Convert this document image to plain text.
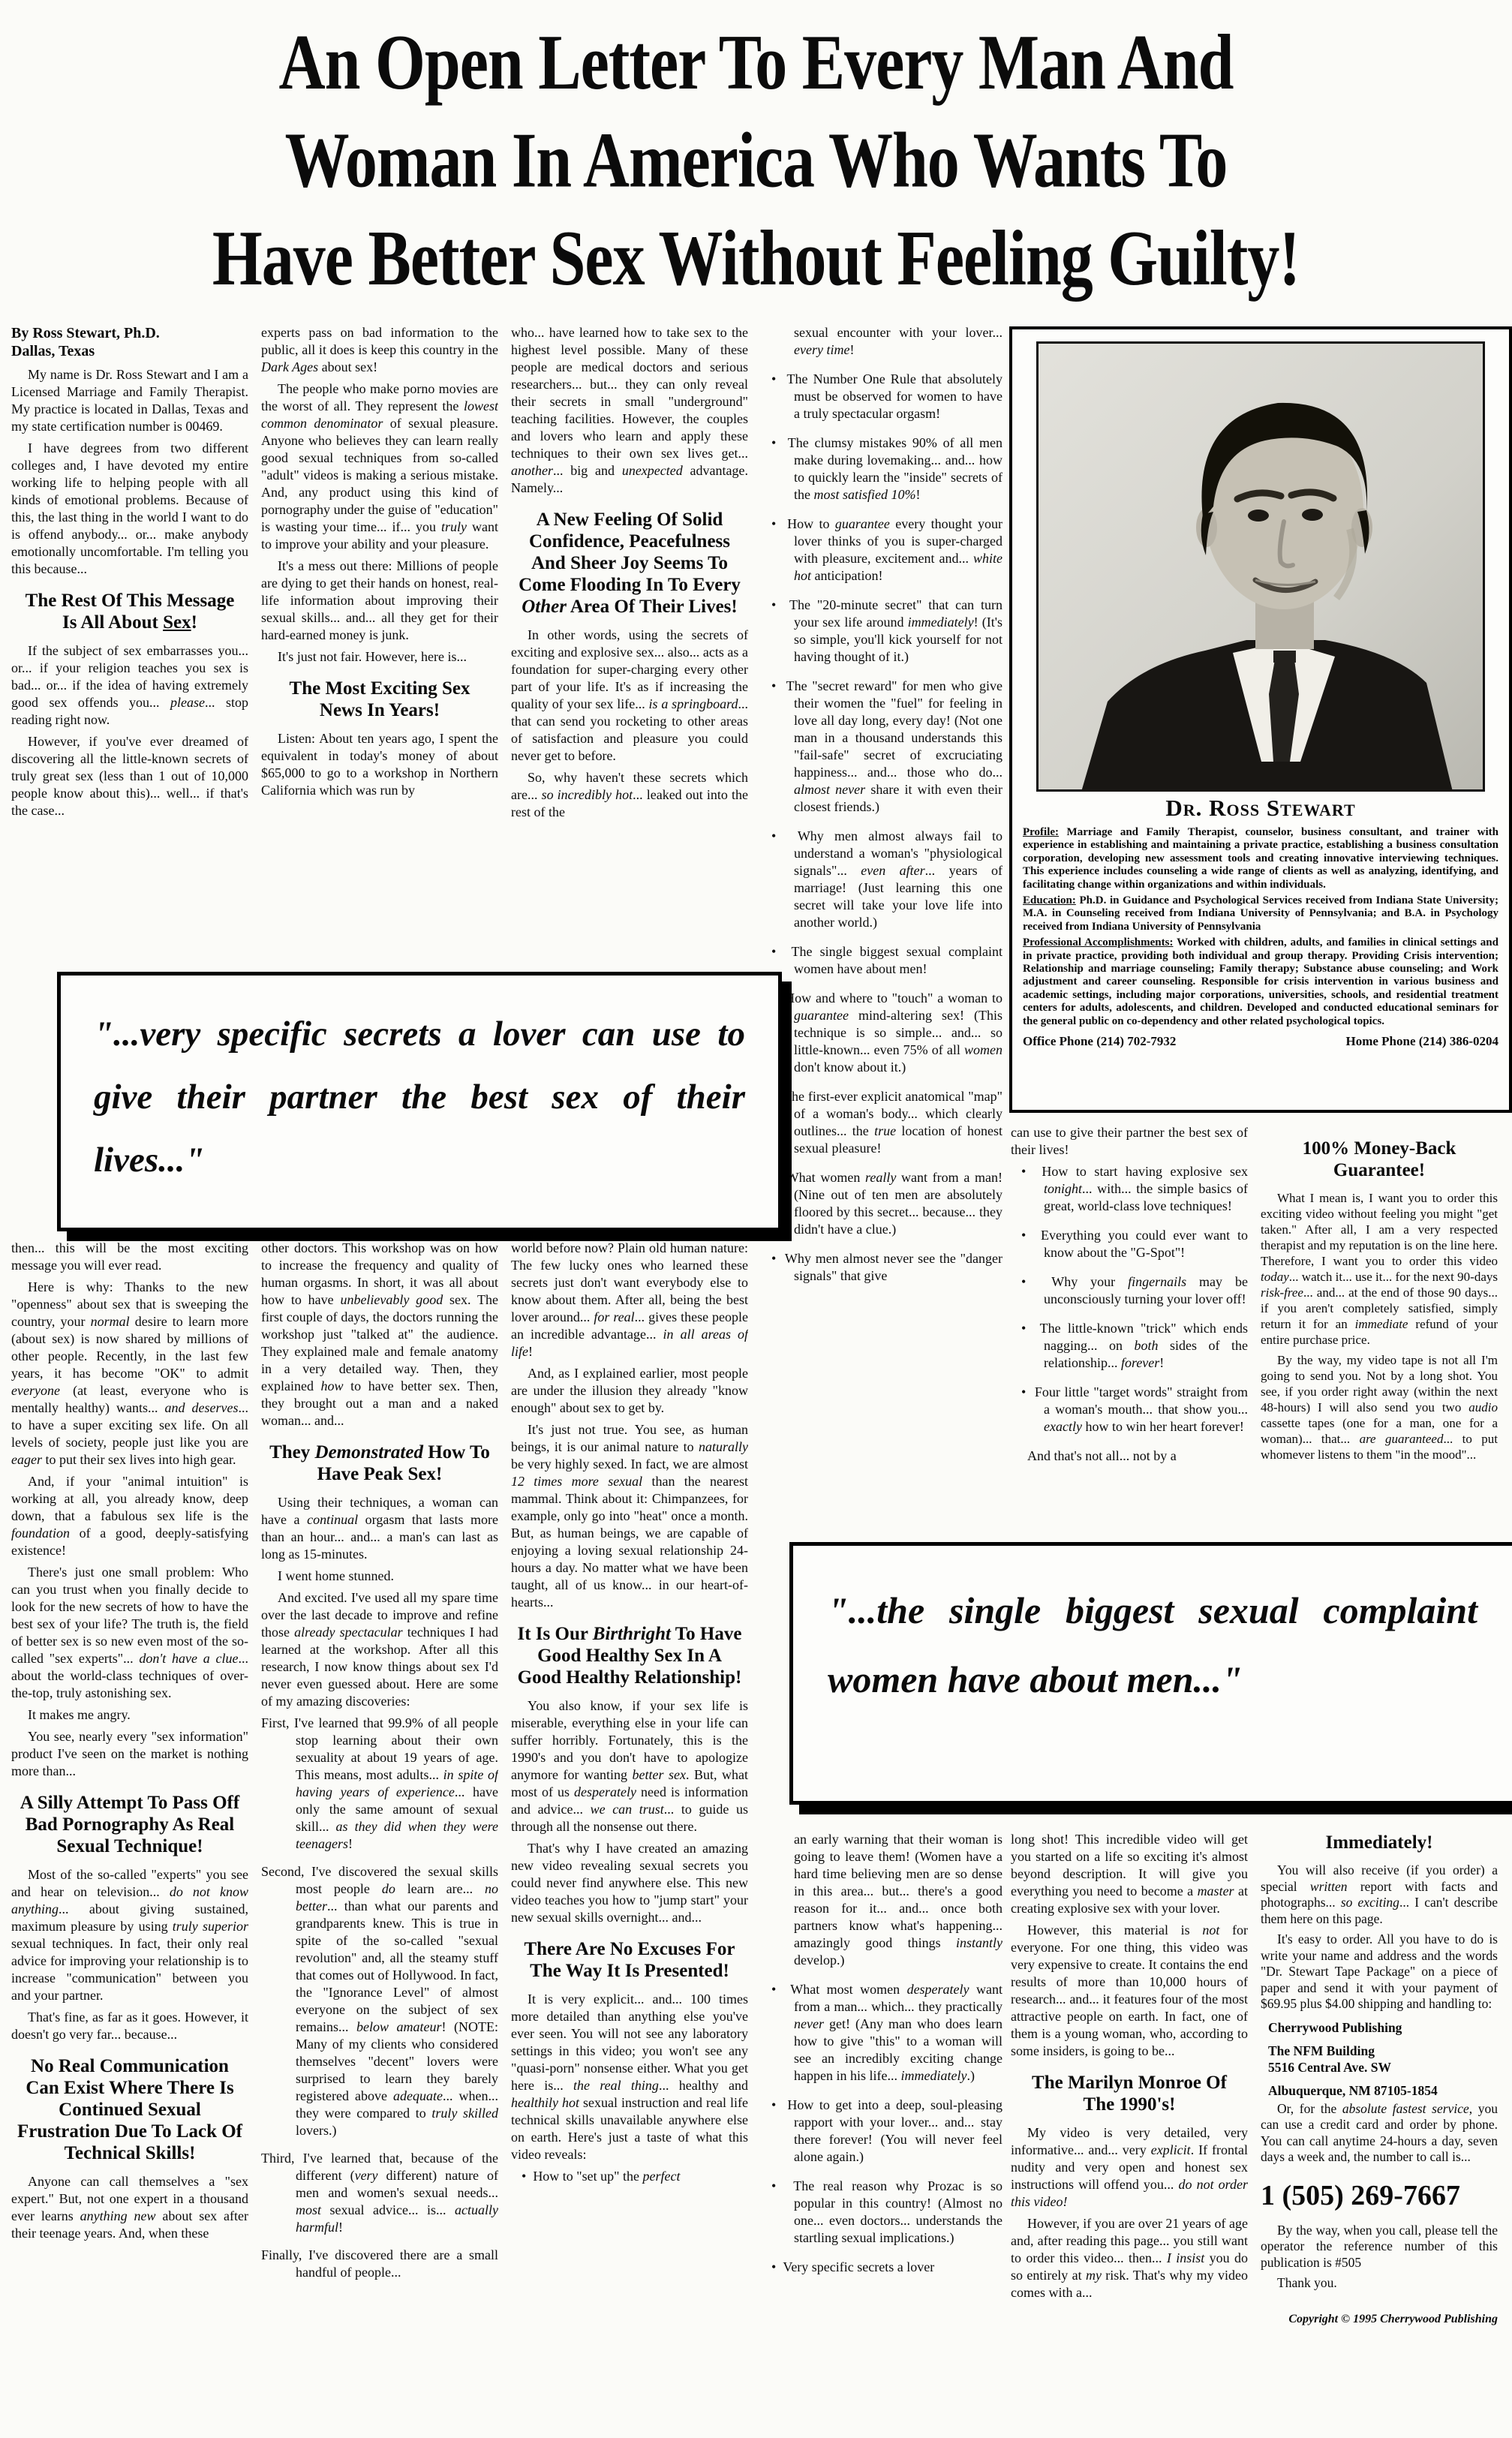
An Open Letter To Every Man And
Woman In America Who Wants To
Have Better Sex Without Feeling Guilty!
By Ross Stewart, Ph.D.
Dallas, Texas
My name is Dr. Ross Stewart and I am a Licensed Marriage and Family Therapist. My practice is located in Dallas, Texas and my state certification number is 00469.
I have degrees from two different colleges and, I have devoted my entire working life to helping people with all kinds of emotional problems. Because of this, the last thing in the world I want to do is offend anybody... or... make anybody emotionally uncomfortable. I'm telling you this because...
The Rest Of This Message Is All About Sex!
If the subject of sex embarrasses you... or... if your religion teaches you sex is bad... or... if the idea of having extremely good sex offends you... please... stop reading right now.
However, if you've ever dreamed of discovering all the little-known secrets of truly great sex (less than 1 out of 10,000 people know about this)... well... if that's the case...
experts pass on bad information to the public, all it does is keep this country in the Dark Ages about sex!
The people who make porno movies are the worst of all. They represent the lowest common denominator of sexual pleasure. Anyone who believes they can learn really good sexual techniques from so-called "adult" videos is making a serious mistake. And, any product using this kind of pornography under the guise of "education" is wasting your time... if... you truly want to improve your ability and your pleasure.
It's a mess out there: Millions of people are dying to get their hands on honest, real-life information about improving their sexual skills... and... all they get for their hard-earned money is junk.
It's just not fair. However, here is...
The Most Exciting Sex News In Years!
Listen: About ten years ago, I spent the equivalent in today's money of about $65,000 to go to a workshop in Northern California which was run by
who... have learned how to take sex to the highest level possible. Many of these people are medical doctors and serious researchers... but... they can only reveal their secrets in small "underground" teaching facilities. However, the couples and lovers who learn and apply these techniques to their own sex lives get... another... big and unexpected advantage. Namely...
A New Feeling Of Solid Confidence, Peacefulness And Sheer Joy Seems To Come Flooding In To Every Other Area Of Their Lives!
In other words, using the secrets of exciting and explosive sex... also... acts as a foundation for super-charging every other part of your life. It's as if increasing the quality of your sex life... is a springboard... that can send you rocketing to other areas of satisfaction and pleasure you could never get to before.
So, why haven't these secrets which are... so incredibly hot... leaked out into the rest of the
sexual encounter with your lover... every time!
•  The Number One Rule that absolutely must be observed for women to have a truly spectacular orgasm!
•  The clumsy mistakes 90% of all men make during lovemaking... and... how to quickly learn the "inside" secrets of the most satisfied 10%!
•  How to guarantee every thought your lover thinks of you is super-charged with pleasure, excitement and... white hot anticipation!
•  The "20-minute secret" that can turn your sex life around immediately! (It's so simple, you'll kick yourself for not having thought of it.)
•  The "secret reward" for men who give their women the "fuel" for feeling in love all day long, every day! (Not one man in a thousand understands this "fail-safe" secret of excruciating happiness... and... those who do... almost never share it with even their closest friends.)
•  Why men almost always fail to understand a woman's "physiological signals"... even after... years of marriage! (Just learning this one secret will take your love life into another world.)
•  The single biggest sexual complaint women have about men!
•  How and where to "touch" a woman to guarantee mind-altering sex! (This technique is so simple... and... so little-known... even 75% of all women don't know about it.)
•  The first-ever explicit anatomical "map" of a woman's body... which clearly outlines... the true location of honest sexual pleasure!
•  What women really want from a man! (Nine out of ten men are absolutely floored by this secret... because... they didn't have a clue.)
•  Why men almost never see the "danger signals" that give
can use to give their partner the best sex of their lives!
•  How to start having explosive sex tonight... with... the simple basics of great, world-class love techniques!
•  Everything you could ever want to know about the "G-Spot"!
•  Why your fingernails may be unconsciously turning your lover off!
•  The little-known "trick" which ends nagging... on both sides of the relationship... forever!
•  Four little "target words" straight from a woman's mouth... that show you... exactly how to win her heart forever!
And that's not all... not by a
100% Money-Back Guarantee!
What I mean is, I want you to order this exciting video without feeling you might "get taken." After all, I am a very respected therapist and my reputation is on the line here. Therefore, I want you to order this video today... watch it... use it... for the next 90-days risk-free... and... at the end of those 90 days... if you aren't completely satisfied, simply return it for an immediate refund of your entire purchase price.
By the way, my video tape is not all I'm going to send you. Not by a long shot. You see, if you order right away (within the next 48-hours) I will also send you two audio cassette tapes (one for a man, one for a woman)... that... are guaranteed... to put whomever listens to them "in the mood"...
then... this will be the most exciting message you will ever read.
Here is why: Thanks to the new "openness" about sex that is sweeping the country, your normal desire to learn more (about sex) is now shared by millions of other people. Recently, in the last few years, it has become "OK" to admit everyone (at least, everyone who is mentally healthy) wants... and deserves... to have a super exciting sex life. On all levels of society, people just like you are eager to put their sex lives into high gear.
And, if your "animal intuition" is working at all, you already know, deep down, that a fabulous sex life is the foundation of a good, deeply-satisfying existence!
There's just one small problem: Who can you trust when you finally decide to look for the new secrets of how to have the best sex of your life? The truth is, the field of better sex is so new even most of the so-called "sex experts"... don't have a clue... about the world-class techniques of over-the-top, truly astonishing sex.
It makes me angry.
You see, nearly every "sex information" product I've seen on the market is nothing more than...
A Silly Attempt To Pass Off Bad Pornography As Real Sexual Technique!
Most of the so-called "experts" you see and hear on television... do not know anything... about giving sustained, maximum pleasure by using truly superior sexual techniques. In fact, their only real advice for improving your relationship is to increase "communication" between you and your partner.
That's fine, as far as it goes. However, it doesn't go very far... because...
No Real Communication Can Exist Where There Is Continued Sexual Frustration Due To Lack Of Technical Skills!
Anyone can call themselves a "sex expert." But, not one expert in a thousand ever learns anything new about sex after their teenage years. And, when these
other doctors. This workshop was on how to increase the frequency and quality of human orgasms. In short, it was all about how to have unbelievably good sex. The first couple of days, the doctors running the workshop just "talked at" the audience. They explained male and female anatomy in a very detailed way. Then, they explained how to have better sex. Then, they brought out a man and a naked woman... and...
They Demonstrated How To Have Peak Sex!
Using their techniques, a woman can have a continual orgasm that lasts more than an hour... and... a man's can last as long as 15-minutes.
I went home stunned.
And excited. I've used all my spare time over the last decade to improve and refine those already spectacular techniques I had learned at the workshop. After all this research, I now know things about sex I'd never even guessed about. Here are some of my amazing discoveries:
First, I've learned that 99.9% of all people stop learning about their own sexuality at about 19 years of age. This means, most adults... in spite of having years of experience... have only the same amount of sexual skill... as they did when they were teenagers!
Second, I've discovered the sexual skills most people do learn are... no better... than what our parents and grandparents knew. This is true in spite of the so-called "sexual revolution" and, all the steamy stuff that comes out of Hollywood. In fact, the "Ignorance Level" of almost everyone on the subject of sex remains... below amateur! (NOTE: Many of my clients who considered themselves "decent" lovers were surprised to learn they barely registered above adequate... when... they were compared to truly skilled lovers.)
Third, I've learned that, because of the different (very different) nature of men and women's sexual needs... most sexual advice... is... actually harmful!
Finally, I've discovered there are a small handful of people...
world before now? Plain old human nature: The few lucky ones who learned these secrets just don't want everybody else to know about them. After all, being the best lover around... for real... gives these people an incredible advantage... in all areas of life!
And, as I explained earlier, most people are under the illusion they already "know enough" about sex to get by.
It's just not true. You see, as human beings, it is our animal nature to naturally be very highly sexed. In fact, we are almost 12 times more sexual than the nearest mammal. Think about it: Chimpanzees, for example, only go into "heat" once a month. But, as human beings, we are capable of enjoying a loving sexual relationship 24-hours a day. No matter what we have been taught, all of us know... in our heart-of-hearts...
It Is Our Birthright To Have Good Healthy Sex In A Good Healthy Relationship!
You also know, if your sex life is miserable, everything else in your life can suffer horribly. Fortunately, this is the 1990's and you don't have to apologize anymore for wanting better sex. But, what most of us desperately need is information and advice... we can trust... to guide us through all the nonsense out there.
That's why I have created an amazing new video revealing sexual secrets you could never find anywhere else. This new video teaches you how to "jump start" your new sexual skills overnight... and...
There Are No Excuses For The Way It Is Presented!
It is very explicit... and... 100 times more detailed than anything else you've ever seen. You will not see any laboratory settings in this video; you won't see any "quasi-porn" nonsense either. What you get here is... the real thing... healthy and healthily hot sexual instruction and real life technical skills unavailable anywhere else on earth. Here's just a taste of what this video reveals:
•  How to "set up" the perfect
an early warning that their woman is going to leave them! (Women have a hard time believing men are so dense in this area... but... there's a good reason for it... and... once both partners know what's happening... amazingly good things instantly develop.)
•  What most women desperately want from a man... which... they practically never get! (Any man who does learn how to give "this" to a woman will see an incredibly exciting change happen in his life... immediately.)
•  How to get into a deep, soul-pleasing rapport with your lover... and... stay there forever! (You will never feel alone again.)
•  The real reason why Prozac is so popular in this country! (Almost no one... even doctors... understands the startling sexual implications.)
•  Very specific secrets a lover
long shot! This incredible video will get you started on a life so exciting it's almost beyond description. It will give you everything you need to become a master at creating explosive sex with your lover.
However, this material is not for everyone. For one thing, this video was very expensive to create. It contains the end results of more than 10,000 hours of research... and... it features four of the most attractive people on earth. In fact, one of them is a young woman, who, according to some insiders, is going to be...
The Marilyn Monroe Of The 1990's!
My video is very detailed, very informative... and... very explicit. If frontal nudity and very open and honest sex instructions will offend you... do not order this video!
However, if you are over 21 years of age and, after reading this page... you still want to order this video... then... I insist you do so entirely at my risk. That's why my video comes with a...
Immediately!
You will also receive (if you order) a special written report with facts and photographs... so exciting... I can't describe them here on this page.
It's easy to order. All you have to do is write your name and address and the words "Dr. Stewart Tape Package" on a piece of paper and send it with your payment of $69.95 plus $4.00 shipping and handling to:
Cherrywood Publishing
The NFM Building
5516 Central Ave. SW
Albuquerque, NM 87105-1854
Or, for the absolute fastest service, you can use a credit card and order by phone. You can call anytime 24-hours a day, seven days a week and, the number to call is...
1 (505) 269-7667
By the way, when you call, please tell the operator the reference number of this publication is #505
Thank you.
Copyright © 1995 Cherrywood Publishing
"...very specific secrets a lover can use to give their partner the best sex of their lives..."
"...the single biggest sexual complaint women have about men..."
Dr. Ross Stewart
Profile: Marriage and Family Therapist, counselor, business consultant, and trainer with experience in establishing and maintaining a private practice, establishing a business consultation corporation, developing new assessment tools and creating innovative interviewing techniques. This experience includes counseling a wide range of clients as well as analyzing, identifying, and facilitating change within organizations and within individuals.
Education: Ph.D. in Guidance and Psychological Services received from Indiana State University; M.A. in Counseling received from Indiana University of Pennsylvania; and B.A. in Psychology received from Indiana University of Pennsylvania
Professional Accomplishments: Worked with children, adults, and families in clinical settings and in private practice, providing both individual and group therapy. Providing Crisis intervention; Relationship and marriage counseling; Family therapy; Substance abuse counseling; and Work adjustment and career counseling. Responsible for crisis intervention in various business and academic settings, including major corporations, universities, schools, and residential treatment centers for adults, adolescents, and children. Developed and conducted educational seminars for the general public on co-dependency and other related psychological topics.
Office Phone (214) 702-7932	Home Phone (214) 386-0204
